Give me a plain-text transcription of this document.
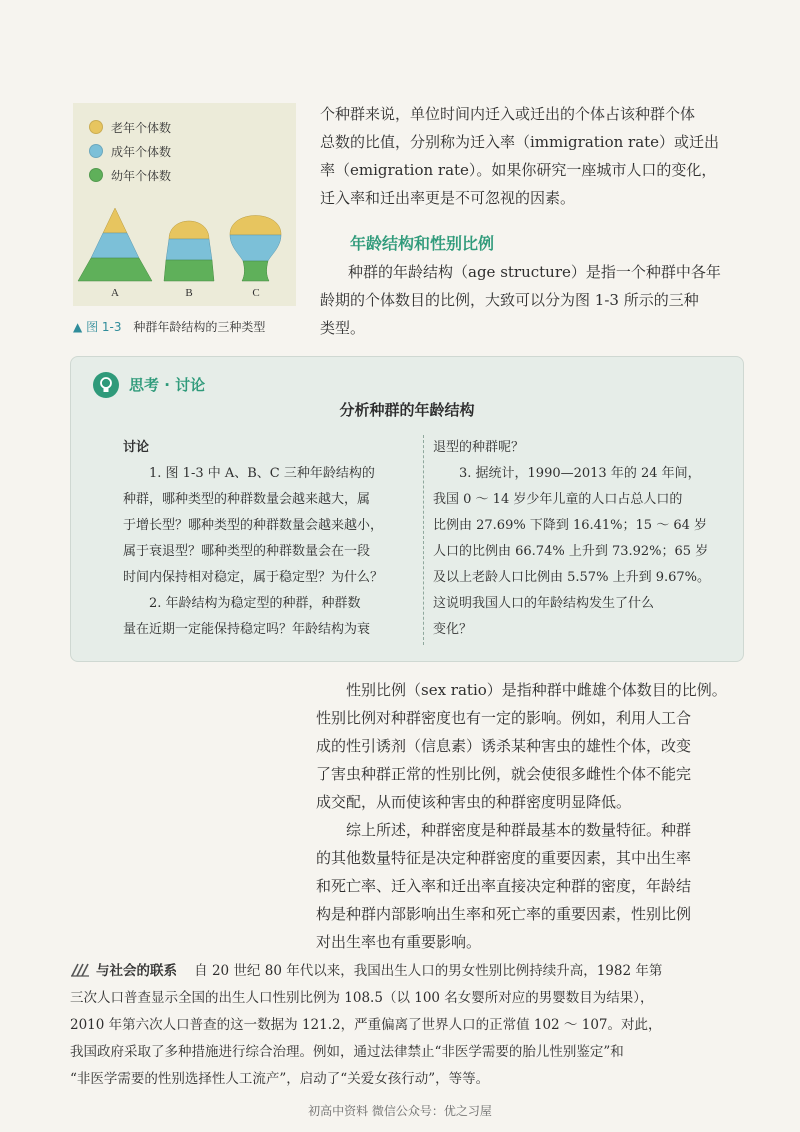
A	B	C
老年个体数
成年个体数
幼年个体数
▲ 图 1-3 种群年龄结构的三种类型

个种群来说，单位时间内迁入或迁出的个体占该种群个体

总数的比值，分别称为迁入率（immigration rate）或迁出

率（emigration rate）。如果你研究一座城市人口的变化，

迁入率和迁出率更是不可忽视的因素。

年龄结构和性别比例

种群的年龄结构（age structure）是指一个种群中各年

龄期的个体数目的比例，大致可以分为图 1-3 所示的三种

类型。

思考 · 讨论
分析种群的年龄结构

讨论

1. 图 1-3 中 A、B、C 三种年龄结构的

种群，哪种类型的种群数量会越来越大，属

于增长型？哪种类型的种群数量会越来越小，

属于衰退型？哪种类型的种群数量会在一段

时间内保持相对稳定，属于稳定型？为什么？

2. 年龄结构为稳定型的种群，种群数

量在近期一定能保持稳定吗？年龄结构为衰

退型的种群呢？

3. 据统计，1990—2013 年的 24 年间，

我国 0 ～ 14 岁少年儿童的人口占总人口的

比例由 27.69% 下降到 16.41%；15 ～ 64 岁

人口的比例由 66.74% 上升到 73.92%；65 岁

及以上老龄人口比例由 5.57% 上升到 9.67%。

这说明我国人口的年龄结构发生了什么

变化？

性别比例（sex ratio）是指种群中雌雄个体数目的比例。

性别比例对种群密度也有一定的影响。例如，利用人工合

成的性引诱剂（信息素）诱杀某种害虫的雄性个体，改变

了害虫种群正常的性别比例，就会使很多雌性个体不能完

成交配，从而使该种害虫的种群密度明显降低。

综上所述，种群密度是种群最基本的数量特征。种群

的其他数量特征是决定种群密度的重要因素，其中出生率

和死亡率、迁入率和迁出率直接决定种群的密度，年龄结

构是种群内部影响出生率和死亡率的重要因素，性别比例

对出生率也有重要影响。

与社会的联系 自 20 世纪 80 年代以来，我国出生人口的男女性别比例持续升高，1982 年第

三次人口普查显示全国的出生人口性别比例为 108.5（以 100 名女婴所对应的男婴数目为结果），

2010 年第六次人口普查的这一数据为 121.2，严重偏离了世界人口的正常值 102 ～ 107。对此，

我国政府采取了多种措施进行综合治理。例如，通过法律禁止“非医学需要的胎儿性别鉴定”和

“非医学需要的性别选择性人工流产”，启动了“关爱女孩行动”，等等。

初高中资料 微信公众号：优之习屋
